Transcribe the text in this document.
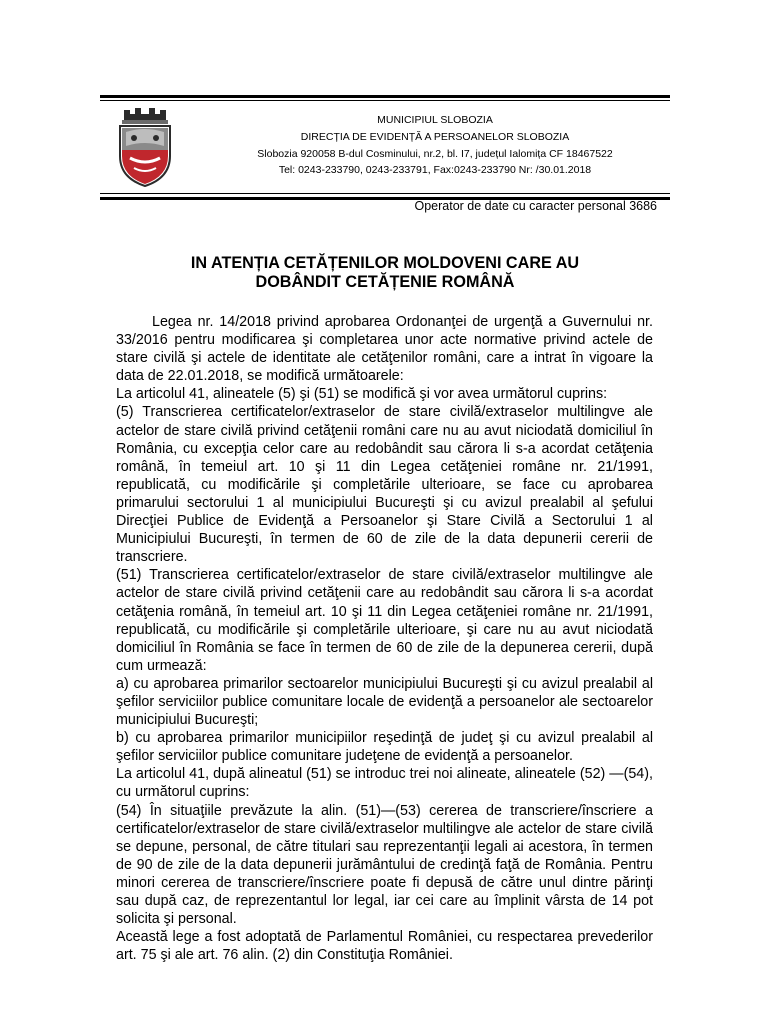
MUNICIPIUL SLOBOZIA
DIRECȚIA DE EVIDENȚĂ A PERSOANELOR SLOBOZIA
Slobozia 920058 B-dul Cosminului, nr.2, bl. I7, județul Ialomița CF 18467522
Tel: 0243-233790, 0243-233791, Fax:0243-233790 Nr: /30.01.2018
Operator de date cu caracter personal 3686
IN ATENȚIA CETĂȚENILOR MOLDOVENI CARE AU
DOBÂNDIT CETĂȚENIE ROMÂNĂ

Legea nr. 14/2018 privind aprobarea Ordonanţei de urgenţă a Guvernului nr. 33/2016 pentru modificarea şi completarea unor acte normative privind actele de stare civilă şi actele de identitate ale cetăţenilor români, care a intrat în vigoare la data de 22.01.2018, se modifică următoarele:

La articolul 41, alineatele (5) şi (51) se modifică şi vor avea următorul cuprins:

(5) Transcrierea certificatelor/extraselor de stare civilă/extraselor multilingve ale actelor de stare civilă privind cetăţenii români care nu au avut niciodată domiciliul în România, cu excepţia celor care au redobândit sau cărora li s-a acordat cetăţenia română, în temeiul art. 10 şi 11 din Legea cetăţeniei române nr. 21/1991, republicată, cu modificările şi completările ulterioare, se face cu aprobarea primarului sectorului 1 al municipiului Bucureşti şi cu avizul prealabil al şefului Direcţiei Publice de Evidenţă a Persoanelor şi Stare Civilă a Sectorului 1 al Municipiului Bucureşti, în termen de 60 de zile de la data depunerii cererii de transcriere.

(51) Transcrierea certificatelor/extraselor de stare civilă/extraselor multilingve ale actelor de stare civilă privind cetăţenii care au redobândit sau cărora li s-a acordat cetăţenia română, în temeiul art. 10 şi 11 din Legea cetăţeniei române nr. 21/1991, republicată, cu modificările şi completările ulterioare, şi care nu au avut niciodată domiciliul în România se face în termen de 60 de zile de la depunerea cererii, după cum urmează:

a) cu aprobarea primarilor sectoarelor municipiului Bucureşti şi cu avizul prealabil al şefilor serviciilor publice comunitare locale de evidenţă a persoanelor ale sectoarelor municipiului Bucureşti;

b) cu aprobarea primarilor municipiilor reşedinţă de judeţ şi cu avizul prealabil al şefilor serviciilor publice comunitare judeţene de evidenţă a persoanelor.

La articolul 41, după alineatul (51) se introduc trei noi alineate, alineatele (52) —(54), cu următorul cuprins:

(54) În situaţiile prevăzute la alin. (51)—(53) cererea de transcriere/înscriere a certificatelor/extraselor de stare civilă/extraselor multilingve ale actelor de stare civilă se depune, personal, de către titulari sau reprezentanţii legali ai acestora, în termen de 90 de zile de la data depunerii jurământului de credinţă faţă de România. Pentru minori cererea de transcriere/înscriere poate fi depusă de către unul dintre părinţi sau după caz, de reprezentantul lor legal, iar cei care au împlinit vârsta de 14 pot solicita şi personal.

Această lege a fost adoptată de Parlamentul României, cu respectarea prevederilor art. 75 şi ale art. 76 alin. (2) din Constituţia României.
